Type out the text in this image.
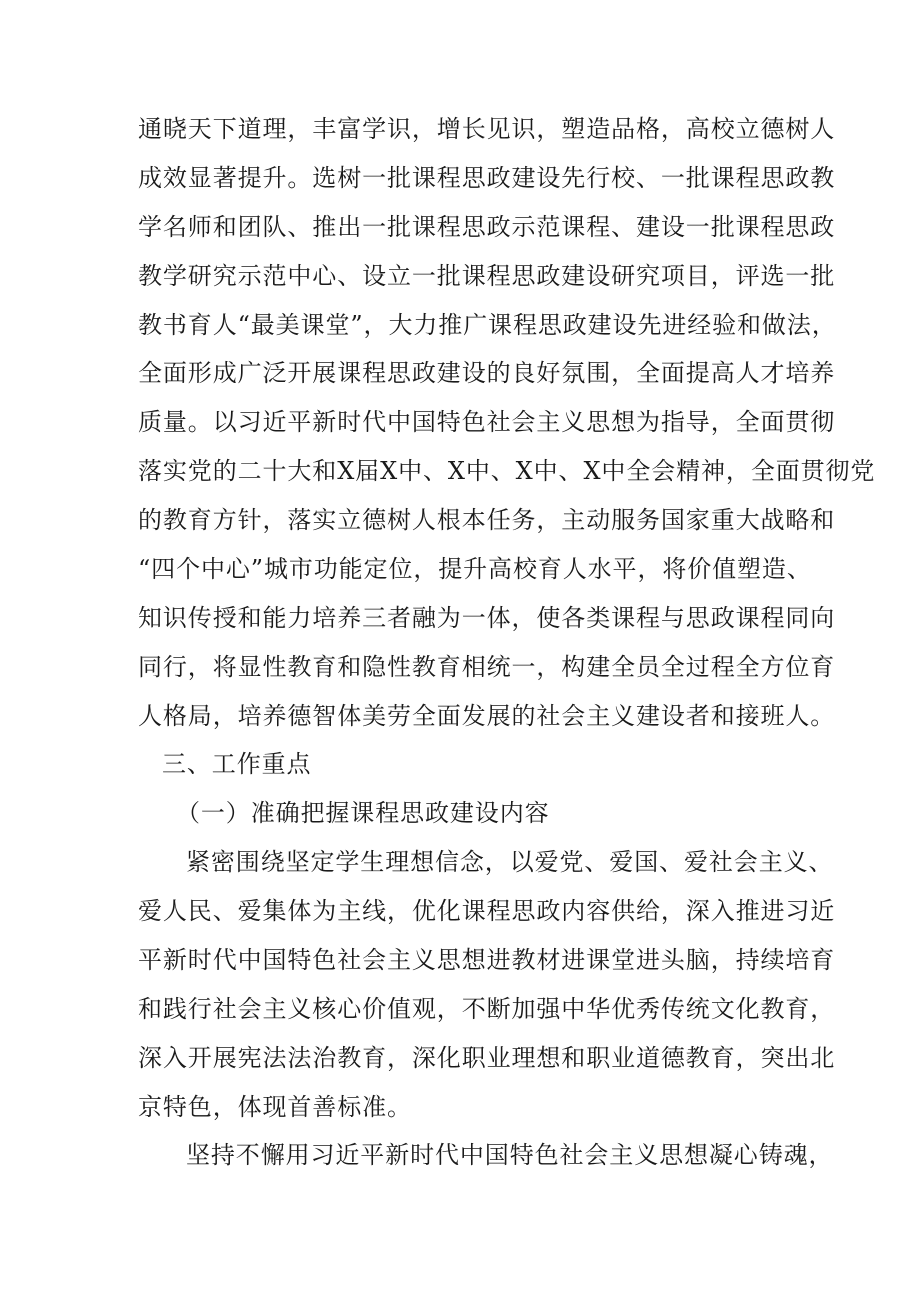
通晓天下道理，丰富学识，增长见识，塑造品格，高校立德树人
成效显著提升。选树一批课程思政建设先行校、一批课程思政教
学名师和团队、推出一批课程思政示范课程、建设一批课程思政
教学研究示范中心、设立一批课程思政建设研究项目，评选一批
教书育人“最美课堂”，大力推广课程思政建设先进经验和做法，
全面形成广泛开展课程思政建设的良好氛围，全面提高人才培养
质量。以习近平新时代中国特色社会主义思想为指导，全面贯彻
落实党的二十大和X届X中、X中、X中、X中全会精神，全面贯彻党
的教育方针，落实立德树人根本任务，主动服务国家重大战略和
“四个中心”城市功能定位，提升高校育人水平，将价值塑造、
知识传授和能力培养三者融为一体，使各类课程与思政课程同向
同行，将显性教育和隐性教育相统一，构建全员全过程全方位育
人格局，培养德智体美劳全面发展的社会主义建设者和接班人。
三、工作重点
（一）准确把握课程思政建设内容
紧密围绕坚定学生理想信念，以爱党、爱国、爱社会主义、
爱人民、爱集体为主线，优化课程思政内容供给，深入推进习近
平新时代中国特色社会主义思想进教材进课堂进头脑，持续培育
和践行社会主义核心价值观，不断加强中华优秀传统文化教育，
深入开展宪法法治教育，深化职业理想和职业道德教育，突出北
京特色，体现首善标准。
坚持不懈用习近平新时代中国特色社会主义思想凝心铸魂，
